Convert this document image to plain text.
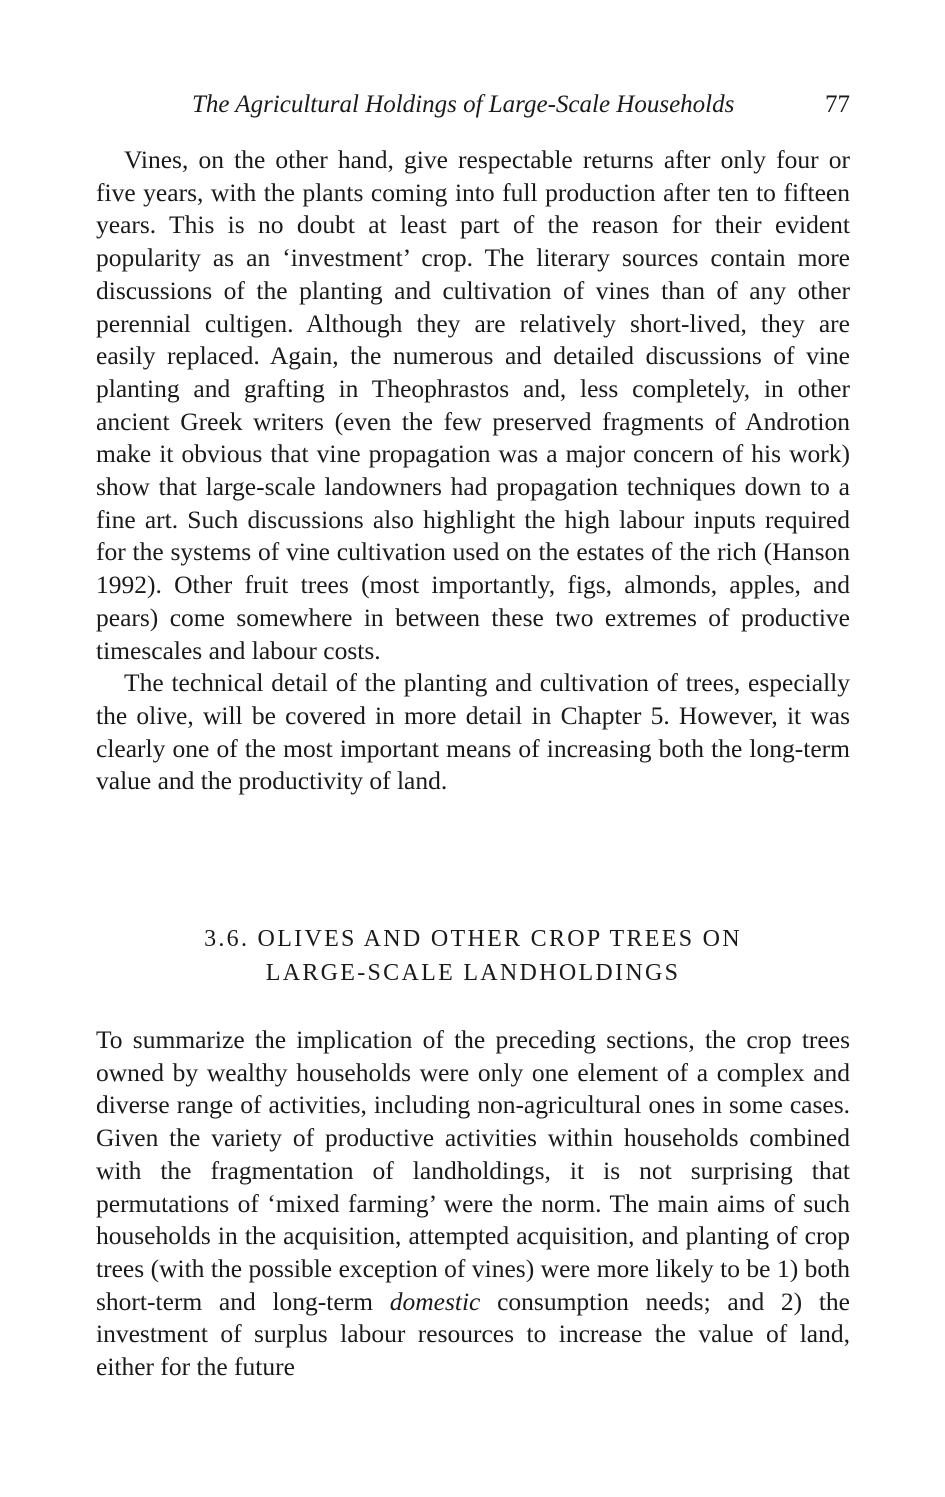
The Agricultural Holdings of Large-Scale Households	77

Vines, on the other hand, give respectable returns after only four or five years, with the plants coming into full production after ten to fifteen years. This is no doubt at least part of the reason for their evident popularity as an ‘investment’ crop. The literary sources contain more discussions of the planting and cultivation of vines than of any other perennial cultigen. Although they are relatively short-lived, they are easily replaced. Again, the numerous and detailed discussions of vine planting and grafting in Theophrastos and, less completely, in other ancient Greek writers (even the few preserved fragments of Androtion make it obvious that vine propagation was a major concern of his work) show that large-scale landowners had propagation techniques down to a fine art. Such discussions also highlight the high labour inputs required for the systems of vine cultivation used on the estates of the rich (Hanson 1992). Other fruit trees (most importantly, figs, almonds, apples, and pears) come somewhere in between these two extremes of productive timescales and labour costs.

The technical detail of the planting and cultivation of trees, especially the olive, will be covered in more detail in Chapter 5. However, it was clearly one of the most important means of increasing both the long-term value and the productivity of land.

3.6. OLIVES AND OTHER CROP TREES ON
LARGE-SCALE LANDHOLDINGS

To summarize the implication of the preceding sections, the crop trees owned by wealthy households were only one element of a complex and diverse range of activities, including non-agricultural ones in some cases. Given the variety of productive activities within households combined with the fragmentation of landholdings, it is not surprising that permutations of ‘mixed farming’ were the norm. The main aims of such households in the acquisition, attempted acquisition, and planting of crop trees (with the possible exception of vines) were more likely to be 1) both short-term and long-term domestic consumption needs; and 2) the investment of surplus labour resources to increase the value of land, either for the future
